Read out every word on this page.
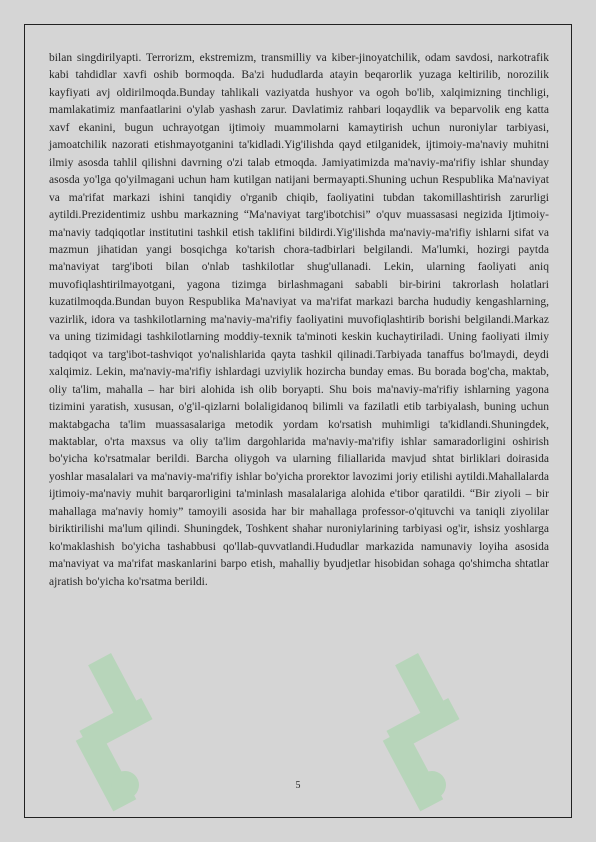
bilan singdirilyapti. Terrorizm, ekstremizm, transmilliy va kiber-jinoyatchilik, odam savdosi, narkotrafik kabi tahdidlar xavfi oshib bormoqda. Ba'zi hududlarda atayin beqarorlik yuzaga keltirilib, norozilik kayfiyati avj oldirilmoqda.Bunday tahlikali vaziyatda hushyor va ogoh bo'lib, xalqimizning tinchligi, mamlakatimiz manfaatlarini o'ylab yashash zarur. Davlatimiz rahbari loqaydlik va beparvolik eng katta xavf ekanini, bugun uchrayotgan ijtimoiy muammolarni kamaytirish uchun nuroniylar tarbiyasi, jamoatchilik nazorati etishmayotganini ta'kidladi.Yig'ilishda qayd etilganidek, ijtimoiy-ma'naviy muhitni ilmiy asosda tahlil qilishni davrning o'zi talab etmoqda. Jamiyatimizda ma'naviy-ma'rifiy ishlar shunday asosda yo'lga qo'yilmagani uchun ham kutilgan natijani bermayapti.Shuning uchun Respublika Ma'naviyat va ma'rifat markazi ishini tanqidiy o'rganib chiqib, faoliyatini tubdan takomillashtirish zarurligi aytildi.Prezidentimiz ushbu markazning “Ma'naviyat targ'ibotchisi” o'quv muassasasi negizida Ijtimoiy-ma'naviy tadqiqotlar institutini tashkil etish taklifini bildirdi.Yig'ilishda ma'naviy-ma'rifiy ishlarni sifat va mazmun jihatidan yangi bosqichga ko'tarish chora-tadbirlari belgilandi. Ma'lumki, hozirgi paytda ma'naviyat targ'iboti bilan o'nlab tashkilotlar shug'ullanadi. Lekin, ularning faoliyati aniq muvofiqlashtirilmayotgani, yagona tizimga birlashmagani sababli bir-birini takrorlash holatlari kuzatilmoqda.Bundan buyon Respublika Ma'naviyat va ma'rifat markazi barcha hududiy kengashlarning, vazirlik, idora va tashkilotlarning ma'naviy-ma'rifiy faoliyatini muvofiqlashtirib borishi belgilandi.Markaz va uning tizimidagi tashkilotlarning moddiy-texnik ta'minoti keskin kuchaytiriladi. Uning faoliyati ilmiy tadqiqot va targ'ibot-tashviqot yo'nalishlarida qayta tashkil qilinadi.Tarbiyada tanaffus bo'lmaydi, deydi xalqimiz. Lekin, ma'naviy-ma'rifiy ishlardagi uzviylik hozircha bunday emas. Bu borada bog'cha, maktab, oliy ta'lim, mahalla – har biri alohida ish olib boryapti. Shu bois ma'naviy-ma'rifiy ishlarning yagona tizimini yaratish, xususan, o'g'il-qizlarni bolaligidanoq bilimli va fazilatli etib tarbiyalash, buning uchun maktabgacha ta'lim muassasalariga metodik yordam ko'rsatish muhimligi ta'kidlandi.Shuningdek, maktablar, o'rta maxsus va oliy ta'lim dargohlarida ma'naviy-ma'rifiy ishlar samaradorligini oshirish bo'yicha ko'rsatmalar berildi. Barcha oliygoh va ularning filiallarida mavjud shtat birliklari doirasida yoshlar masalalari va ma'naviy-ma'rifiy ishlar bo'yicha prorektor lavozimi joriy etilishi aytildi.Mahallalarda ijtimoiy-ma'naviy muhit barqarorligini ta'minlash masalalariga alohida e'tibor qaratildi. “Bir ziyoli – bir mahallaga ma'naviy homiy” tamoyili asosida har bir mahallaga professor-o'qituvchi va taniqli ziyolilar biriktirilishi ma'lum qilindi. Shuningdek, Toshkent shahar nuroniylarining tarbiyasi og'ir, ishsiz yoshlarga ko'maklashish bo'yicha tashabbusi qo'llab-quvvatlandi.Hududlar markazida namunaviy loyiha asosida ma'naviyat va ma'rifat maskanlarini barpo etish, mahalliy byudjetlar hisobidan sohaga qo'shimcha shtatlar ajratish bo'yicha ko'rsatma berildi.

5
